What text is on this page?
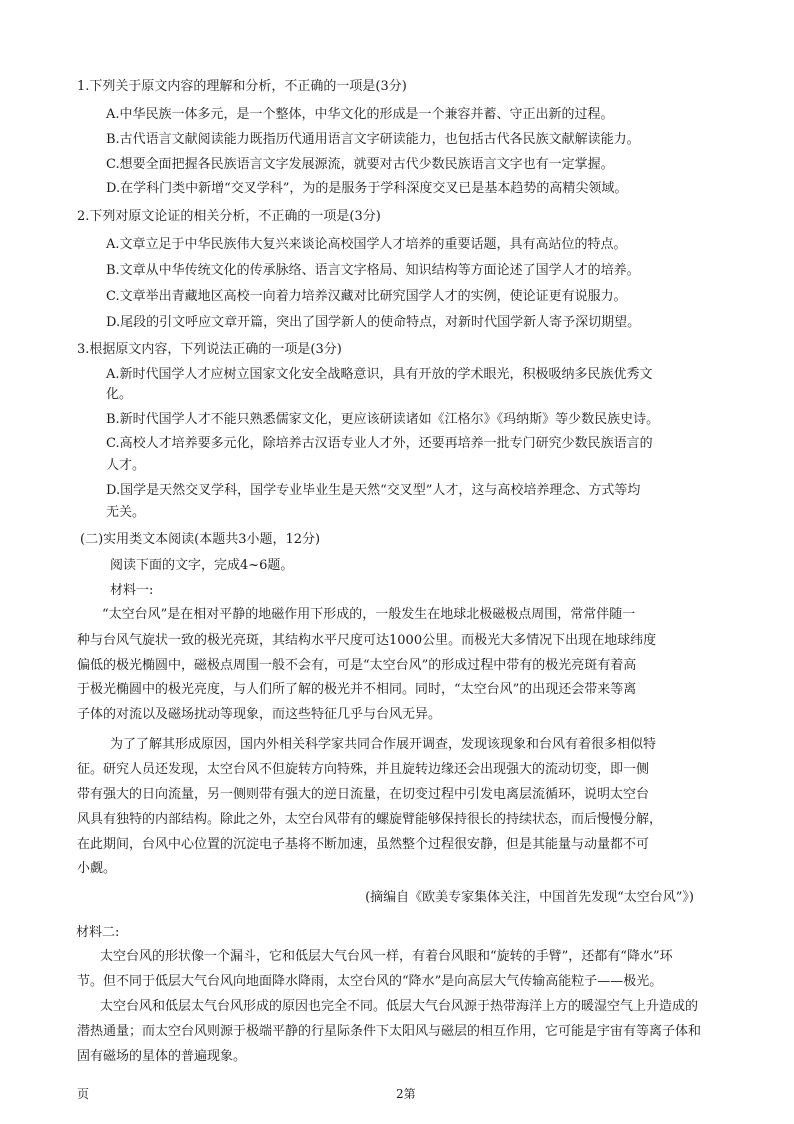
1.下列关于原文内容的理解和分析，不正确的一项是(3分)
A.中华民族一体多元，是一个整体，中华文化的形成是一个兼容并蓄、守正出新的过程。
B.古代语言文献阅读能力既指历代通用语言文字研读能力，也包括古代各民族文献解读能力。
C.想要全面把握各民族语言文字发展源流，就要对古代少数民族语言文字也有一定掌握。
D.在学科门类中新增“交叉学科”，为的是服务于学科深度交叉已是基本趋势的高精尖领域。
2.下列对原文论证的相关分析，不正确的一项是(3分)
A.文章立足于中华民族伟大复兴来谈论高校国学人才培养的重要话题，具有高站位的特点。
B.文章从中华传统文化的传承脉络、语言文字格局、知识结构等方面论述了国学人才的培养。
C.文章举出青藏地区高校一向着力培养汉藏对比研究国学人才的实例，使论证更有说服力。
D.尾段的引文呼应文章开篇，突出了国学新人的使命特点，对新时代国学新人寄予深切期望。
3.根据原文内容，下列说法正确的一项是(3分)
A.新时代国学人才应树立国家文化安全战略意识，具有开放的学术眼光，积极吸纳多民族优秀文
化。
B.新时代国学人才不能只熟悉儒家文化，更应该研读诸如《江格尔》《玛纳斯》等少数民族史诗。
C.高校人才培养要多元化，除培养古汉语专业人才外，还要再培养一批专门研究少数民族语言的
人才。
D.国学是天然交叉学科，国学专业毕业生是天然“交叉型”人才，这与高校培养理念、方式等均
无关。
(二)实用类文本阅读(本题共3小题，12分)
阅读下面的文字，完成4~6题。
材料一:
“太空台风”是在相对平静的地磁作用下形成的，一般发生在地球北极磁极点周围，常常伴随一
种与台风气旋状一致的极光亮斑，其结构水平尺度可达1000公里。而极光大多情况下出现在地球纬度
偏低的极光椭圆中，磁极点周围一般不会有，可是“太空台风”的形成过程中带有的极光亮斑有着高
于极光椭圆中的极光亮度，与人们所了解的极光并不相同。同时，“太空台风”的出现还会带来等离
子体的对流以及磁场扰动等现象，而这些特征几乎与台风无异。
为了了解其形成原因，国内外相关科学家共同合作展开调查，发现该现象和台风有着很多相似特
征。研究人员还发现，太空台风不但旋转方向特殊，并且旋转边缘还会出现强大的流动切变，即一侧
带有强大的日向流量，另一侧则带有强大的逆日流量，在切变过程中引发电离层流循环，说明太空台
风具有独特的内部结构。除此之外，太空台风带有的螺旋臂能够保持很长的持续状态，而后慢慢分解，
在此期间，台风中心位置的沉淀电子基将不断加速，虽然整个过程很安静，但是其能量与动量都不可
小觑。
(摘编自《欧美专家集体关注，中国首先发现“太空台风”》)
材料二:
太空台风的形状像一个漏斗，它和低层大气台风一样，有着台风眼和“旋转的手臂”，还都有“降水”环
节。但不同于低层大气台风向地面降水降雨，太空台风的“降水”是向高层大气传输高能粒子——极光。
太空台风和低层太气台风形成的原因也完全不同。低层大气台风源于热带海洋上方的暖湿空气上升造成的
潜热通量；而太空台风则源于极端平静的行星际条件下太阳风与磁层的相互作用，它可能是宇宙有等离子体和
固有磁场的星体的普遍现象。
页	2第
